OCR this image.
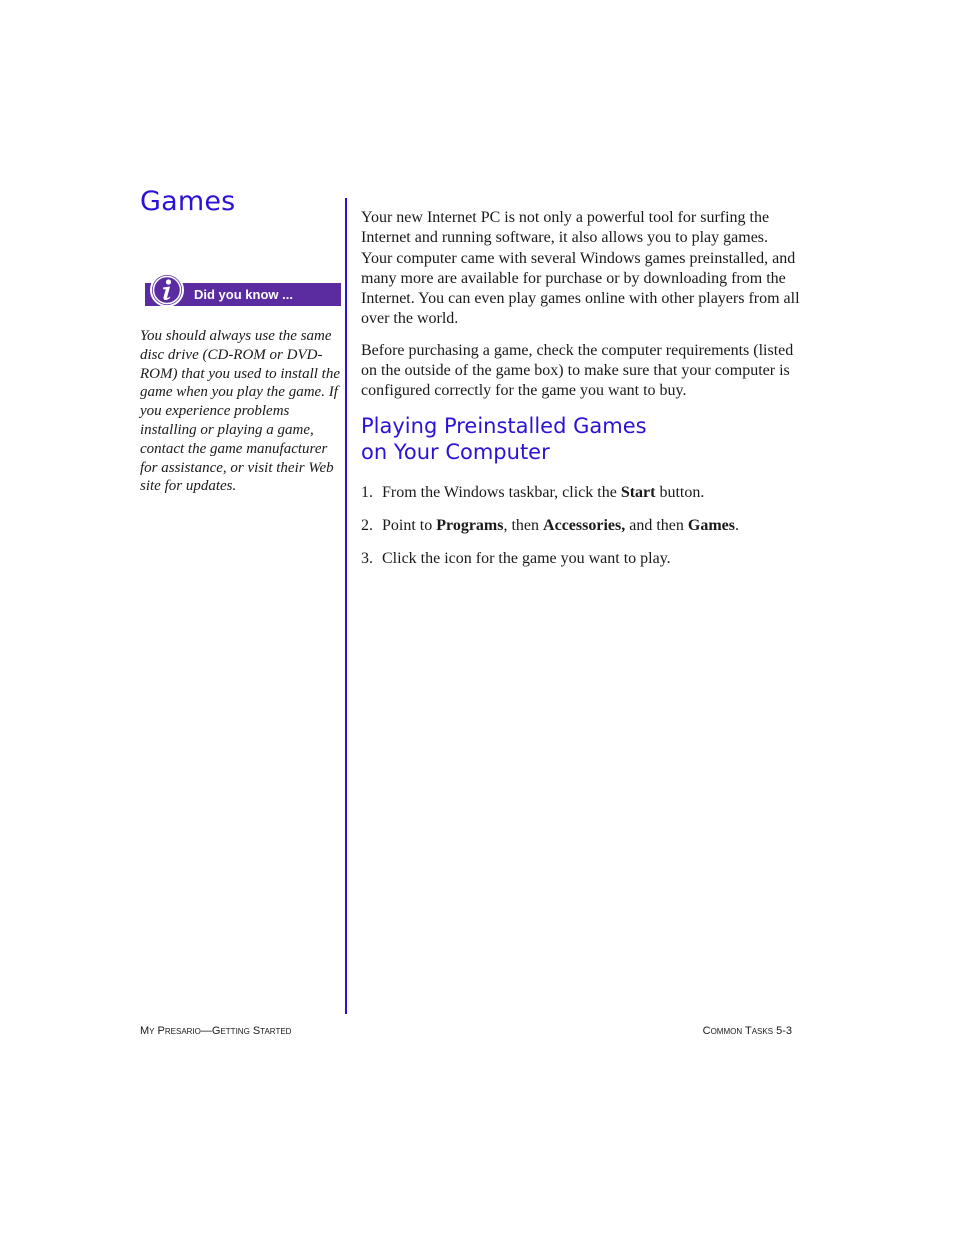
Games
Did you know ...

You should always use the same disc drive (CD-ROM or DVD-ROM) that you used to install the game when you play the game. If you experience problems installing or playing a game, contact the game manufacturer for assistance, or visit their Web site for updates.

Your new Internet PC is not only a powerful tool for surfing the Internet and running software, it also allows you to play games. Your computer came with several Windows games preinstalled, and many more are available for purchase or by downloading from the Internet. You can even play games online with other players from all over the world.

Before purchasing a game, check the computer requirements (listed on the outside of the game box) to make sure that your computer is configured correctly for the game you want to buy.

Playing Preinstalled Games
on Your Computer
1. From the Windows taskbar, click the Start button.
2. Point to Programs, then Accessories, and then Games.
3. Click the icon for the game you want to play.
My Presario—Getting Started	Common Tasks 5-3
